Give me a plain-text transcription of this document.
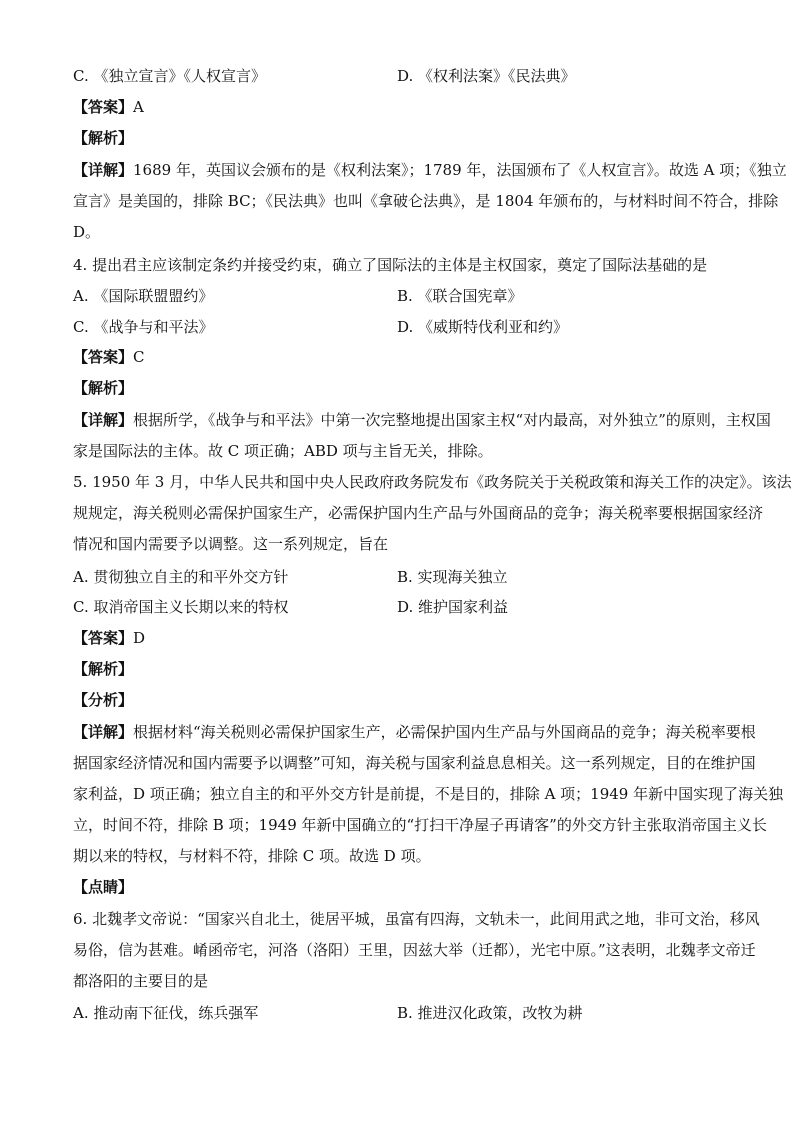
C. 《独立宣言》《人权宣言》	D. 《权利法案》《民法典》
【答案】A
【解析】
【详解】1689 年，英国议会颁布的是《权利法案》；1789 年，法国颁布了《人权宣言》。故选 A 项；《独立
宣言》是美国的，排除 BC；《民法典》也叫《拿破仑法典》，是 1804 年颁布的，与材料时间不符合，排除
D。
4. 提出君主应该制定条约并接受约束，确立了国际法的主体是主权国家，奠定了国际法基础的是
A. 《国际联盟盟约》	B. 《联合国宪章》
C. 《战争与和平法》	D. 《威斯特伐利亚和约》
【答案】C
【解析】
【详解】根据所学，《战争与和平法》中第一次完整地提出国家主权“对内最高，对外独立”的原则，主权国
家是国际法的主体。故 C 项正确；ABD 项与主旨无关，排除。
5. 1950 年 3 月，中华人民共和国中央人民政府政务院发布《政务院关于关税政策和海关工作的决定》。该法
规规定，海关税则必需保护国家生产，必需保护国内生产品与外国商品的竞争；海关税率要根据国家经济
情况和国内需要予以调整。这一系列规定，旨在
A. 贯彻独立自主的和平外交方针	B. 实现海关独立
C. 取消帝国主义长期以来的特权	D. 维护国家利益
【答案】D
【解析】
【分析】
【详解】根据材料“海关税则必需保护国家生产，必需保护国内生产品与外国商品的竞争；海关税率要根
据国家经济情况和国内需要予以调整”可知，海关税与国家利益息息相关。这一系列规定，目的在维护国
家利益，D 项正确；独立自主的和平外交方针是前提，不是目的，排除 A 项；1949 年新中国实现了海关独
立，时间不符，排除 B 项；1949 年新中国确立的“打扫干净屋子再请客”的外交方针主张取消帝国主义长
期以来的特权，与材料不符，排除 C 项。故选 D 项。
【点睛】
6. 北魏孝文帝说：“国家兴自北土，徙居平城，虽富有四海，文轨未一，此间用武之地，非可文治，移风
易俗，信为甚难。崤函帝宅，河洛（洛阳）王里，因兹大举（迁都），光宅中原。”这表明，北魏孝文帝迁
都洛阳的主要目的是
A. 推动南下征伐，练兵强军	B. 推进汉化政策，改牧为耕
